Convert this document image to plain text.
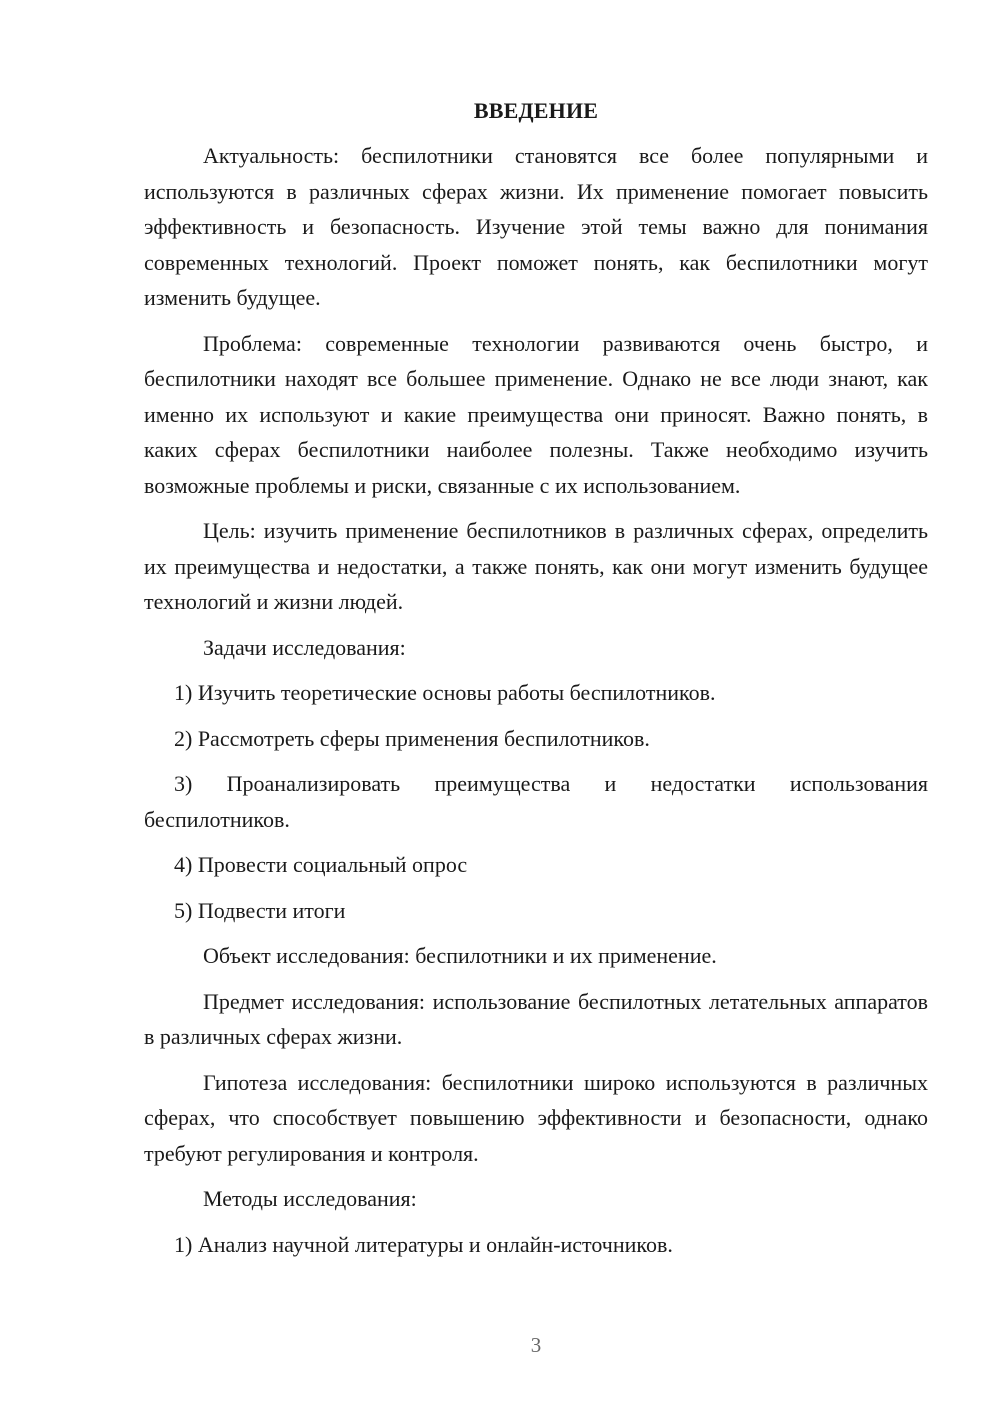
ВВЕДЕНИЕ

Актуальность: беспилотники становятся все более популярными и используются в различных сферах жизни. Их применение помогает повысить эффективность и безопасность. Изучение этой темы важно для понимания современных технологий. Проект поможет понять, как беспилотники могут изменить будущее.

Проблема: современные технологии развиваются очень быстро, и беспилотники находят все большее применение. Однако не все люди знают, как именно их используют и какие преимущества они приносят. Важно понять, в каких сферах беспилотники наиболее полезны. Также необходимо изучить возможные проблемы и риски, связанные с их использованием.

Цель: изучить применение беспилотников в различных сферах, определить их преимущества и недостатки, а также понять, как они могут изменить будущее технологий и жизни людей.

Задачи исследования:

1) Изучить теоретические основы работы беспилотников.

2) Рассмотреть сферы применения беспилотников.

3) Проанализировать преимущества и недостатки использования беспилотников.

4) Провести социальный опрос

5) Подвести итоги

Объект исследования: беспилотники и их применение.

Предмет исследования: использование беспилотных летательных аппаратов в различных сферах жизни.

Гипотеза исследования: беспилотники широко используются в различных сферах, что способствует повышению эффективности и безопасности, однако требуют регулирования и контроля.

Методы исследования:

1) Анализ научной литературы и онлайн-источников.

3
